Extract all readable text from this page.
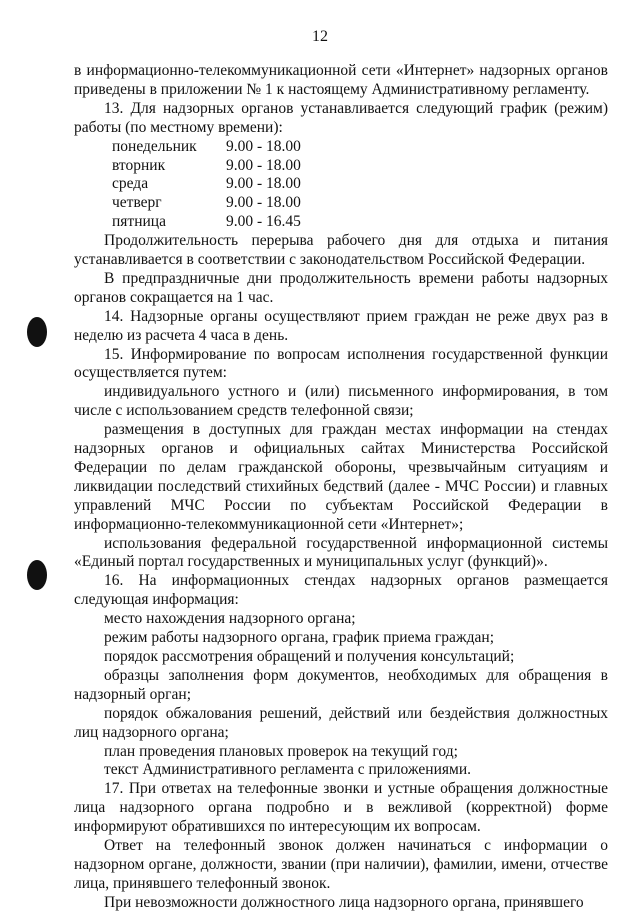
12

в информационно-телекоммуникационной сети «Интернет» надзорных органов приведены в приложении № 1 к настоящему Административному регламенту.

13. Для надзорных органов устанавливается следующий график (режим) работы (по местному времени):

понедельник	9.00 - 18.00
вторник	9.00 - 18.00
среда	9.00 - 18.00
четверг	9.00 - 18.00
пятница	9.00 - 16.45

Продолжительность перерыва рабочего дня для отдыха и питания устанавливается в соответствии с законодательством Российской Федерации.

В предпраздничные дни продолжительность времени работы надзорных органов сокращается на 1 час.

14. Надзорные органы осуществляют прием граждан не реже двух раз в неделю из расчета 4 часа в день.

15. Информирование по вопросам исполнения государственной функции осуществляется путем:

индивидуального устного и (или) письменного информирования, в том числе с использованием средств телефонной связи;

размещения в доступных для граждан местах информации на стендах надзорных органов и официальных сайтах Министерства Российской Федерации по делам гражданской обороны, чрезвычайным ситуациям и ликвидации последствий стихийных бедствий (далее - МЧС России) и главных управлений МЧС России по субъектам Российской Федерации в информационно-телекоммуникационной сети «Интернет»;

использования федеральной государственной информационной системы «Единый портал государственных и муниципальных услуг (функций)».

16. На информационных стендах надзорных органов размещается следующая информация:

место нахождения надзорного органа;

режим работы надзорного органа, график приема граждан;

порядок рассмотрения обращений и получения консультаций;

образцы заполнения форм документов, необходимых для обращения в надзорный орган;

порядок обжалования решений, действий или бездействия должностных лиц надзорного органа;

план проведения плановых проверок на текущий год;

текст Административного регламента с приложениями.

17. При ответах на телефонные звонки и устные обращения должностные лица надзорного органа подробно и в вежливой (корректной) форме информируют обратившихся по интересующим их вопросам.

Ответ на телефонный звонок должен начинаться с информации о надзорном органе, должности, звании (при наличии), фамилии, имени, отчестве лица, принявшего телефонный звонок.

При невозможности должностного лица надзорного органа, принявшего
